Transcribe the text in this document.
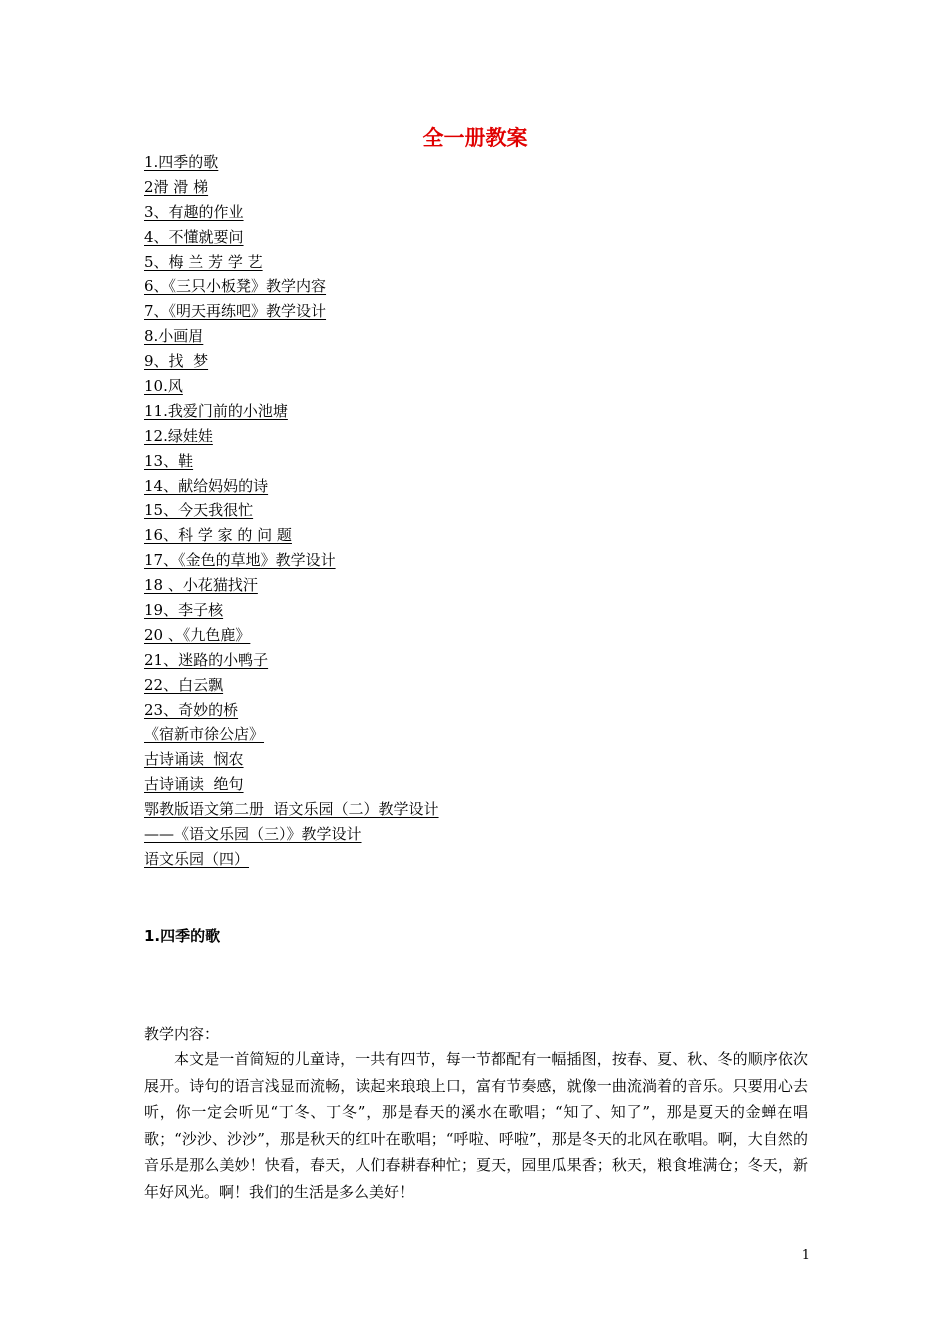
全一册教案
1.四季的歌
2滑 滑 梯
3、有趣的作业
4、不懂就要问
5、梅 兰 芳 学 艺
6、《三只小板凳》教学内容
7、《明天再练吧》教学设计
8.小画眉
9、找  梦
10.风
11.我爱门前的小池塘
12.绿娃娃
13、鞋
14、献给妈妈的诗
15、今天我很忙
16、科 学 家 的 问 题
17、《金色的草地》教学设计
18 、小花猫找汗
19、李子核
20 、《九色鹿》
21、迷路的小鸭子
22、白云飘
23、奇妙的桥
《宿新市徐公店》
古诗诵读  悯农
古诗诵读  绝句
鄂教版语文第二册  语文乐园（二）教学设计
——《语文乐园（三）》教学设计
语文乐园（四）
1.四季的歌
教学内容：

本文是一首简短的儿童诗，一共有四节，每一节都配有一幅插图，按春、夏、秋、冬的顺序依次展开。诗句的语言浅显而流畅，读起来琅琅上口，富有节奏感，就像一曲流淌着的音乐。只要用心去听，你一定会听见“丁冬、丁冬”，那是春天的溪水在歌唱；“知了、知了”，那是夏天的金蝉在唱歌；“沙沙、沙沙”，那是秋天的红叶在歌唱；“呼啦、呼啦”，那是冬天的北风在歌唱。啊，大自然的音乐是那么美妙！快看，春天，人们春耕春种忙；夏天，园里瓜果香；秋天，粮食堆满仓；冬天，新年好风光。啊！我们的生活是多么美好！

1
